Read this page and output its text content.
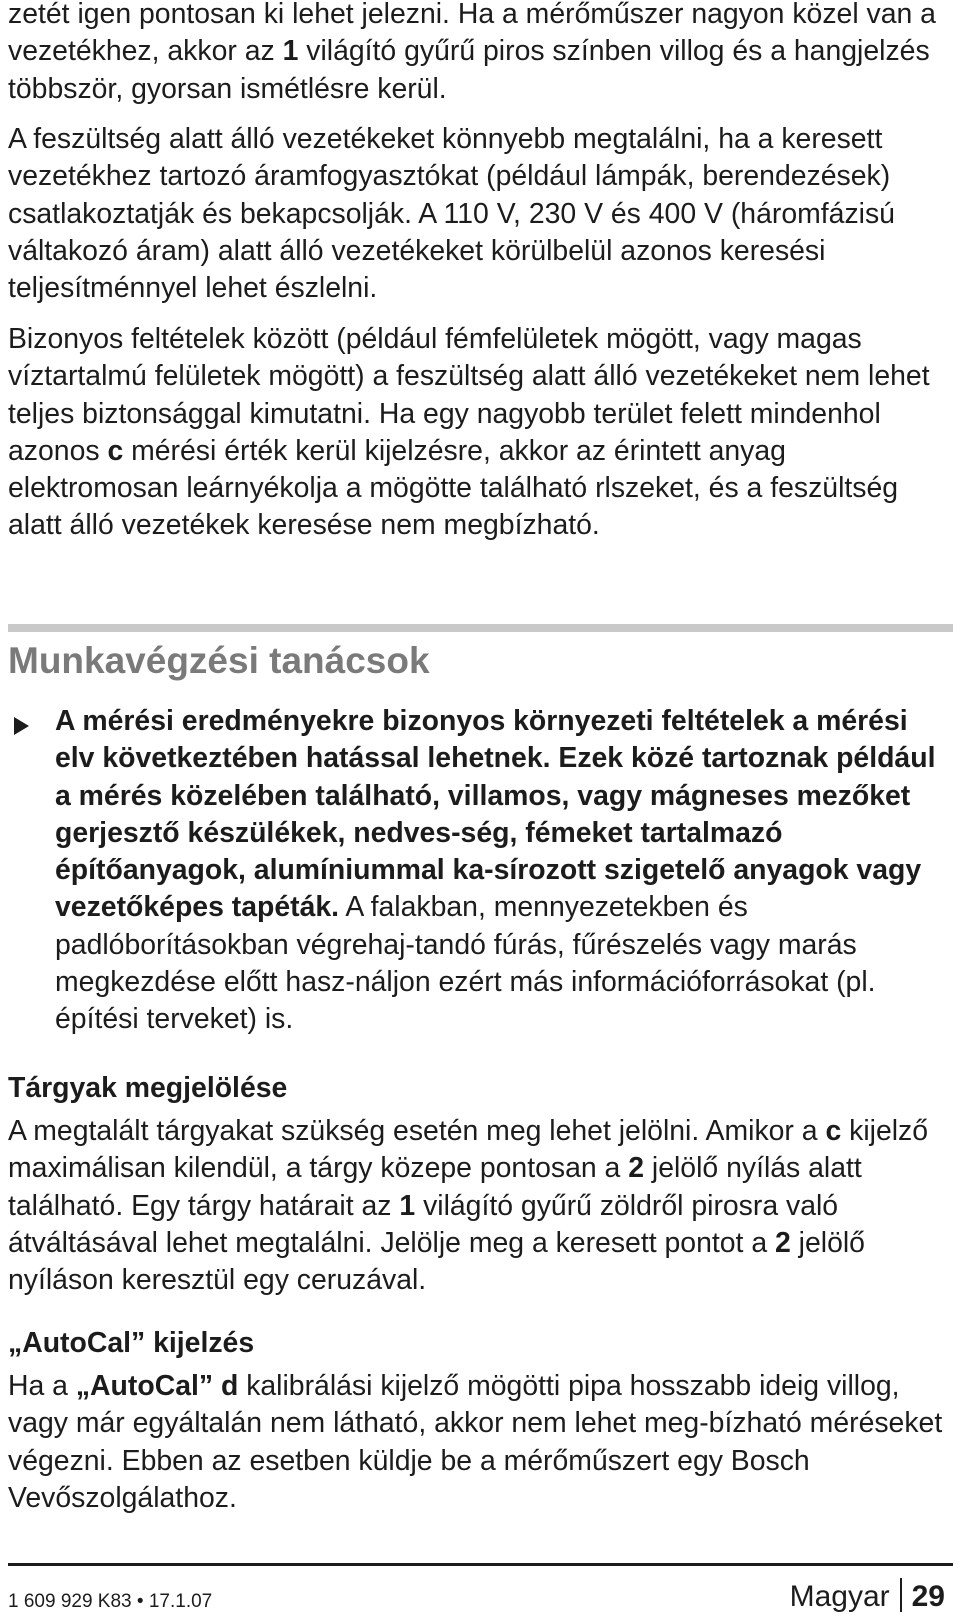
zetét igen pontosan ki lehet jelezni. Ha a mérőműszer nagyon közel van a vezetékhez, akkor az 1 világító gyűrű piros színben villog és a hangjelzés többször, gyorsan ismétlésre kerül.

A feszültség alatt álló vezetékeket könnyebb megtalálni, ha a keresett vezetékhez tartozó áramfogyasztókat (például lámpák, berendezések) csatlakoztatják és bekapcsolják. A 110 V, 230 V és 400 V (háromfázisú váltakozó áram) alatt álló vezetékeket körülbelül azonos keresési teljesítménnyel lehet észlelni.

Bizonyos feltételek között (például fémfelületek mögött, vagy magas víztartalmú felületek mögött) a feszültség alatt álló vezetékeket nem lehet teljes biztonsággal kimutatni. Ha egy nagyobb terület felett mindenhol azonos c mérési érték kerül kijelzésre, akkor az érintett anyag elektromosan leárnyékolja a mögötte található rlszeket, és a feszültség alatt álló vezetékek keresése nem megbízható.

Munkavégzési tanácsok

A mérési eredményekre bizonyos környezeti feltételek a mérési elv következtében hatással lehetnek. Ezek közé tartoznak például a mérés közelében található, villamos, vagy mágneses mezőket gerjesztő készülékek, nedves-ség, fémeket tartalmazó építőanyagok, alumíniummal ka-sírozott szigetelő anyagok vagy vezetőképes tapéták. A falakban, mennyezetekben és padlóborításokban végrehaj-tandó fúrás, fűrészelés vagy marás megkezdése előtt hasz-náljon ezért más információforrásokat (pl. építési terveket) is.

Tárgyak megjelölése

A megtalált tárgyakat szükség esetén meg lehet jelölni. Amikor a c kijelző maximálisan kilendül, a tárgy közepe pontosan a 2 jelölő nyílás alatt található. Egy tárgy határait az 1 világító gyűrű zöldről pirosra való átváltásával lehet megtalálni. Jelölje meg a keresett pontot a 2 jelölő nyíláson keresztül egy ceruzával.

„AutoCal” kijelzés

Ha a „AutoCal” d kalibrálási kijelző mögötti pipa hosszabb ideig villog, vagy már egyáltalán nem látható, akkor nem lehet meg-bízható méréseket végezni. Ebben az esetben küldje be a mérőműszert egy Bosch Vevőszolgálathoz.

1 609 929 K83 • 17.1.07	Magyar 29
